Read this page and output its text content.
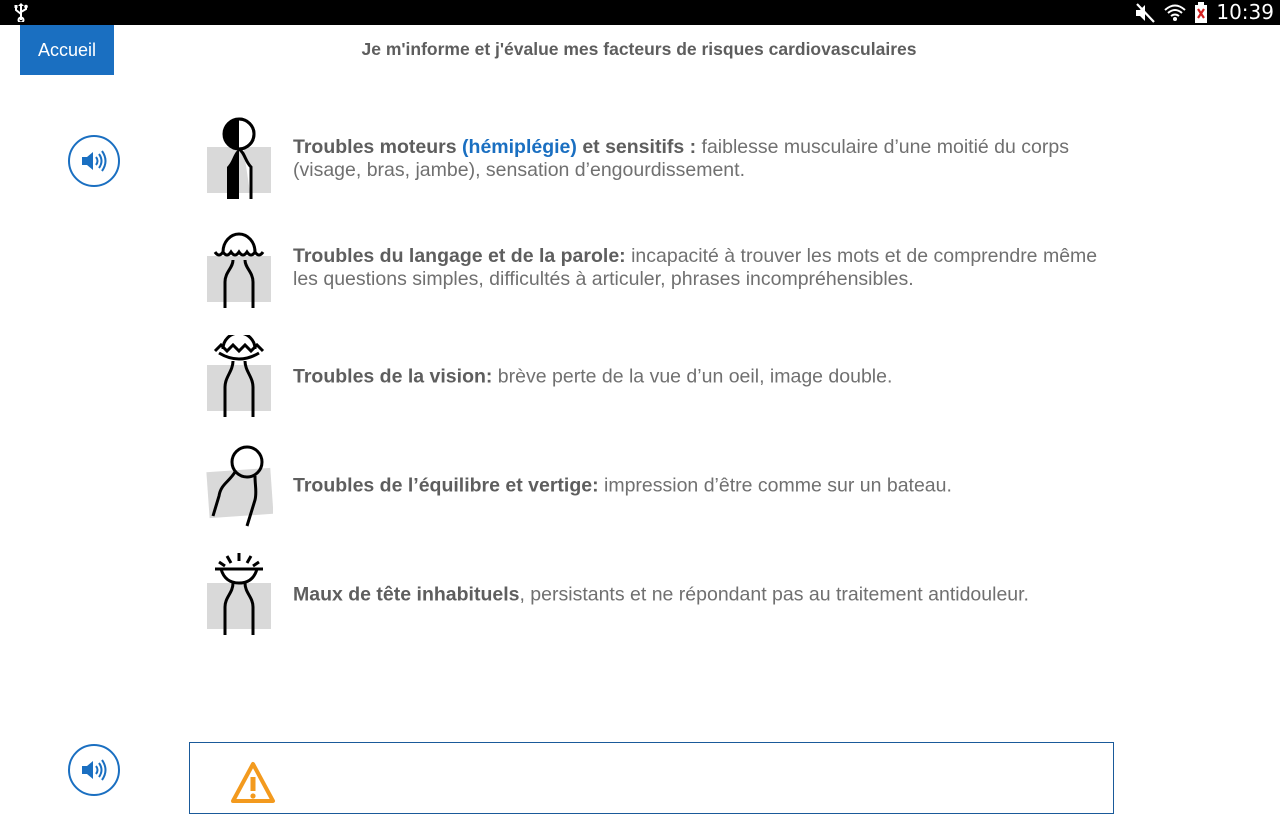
10:39
Accueil	Je m'informe et j'évalue mes facteurs de risques cardiovasculaires
Troubles moteurs (hémiplégie) et sensitifs : faiblesse musculaire d’une moitié du corps (visage, bras, jambe), sensation d’engourdissement.
Troubles du langage et de la parole: incapacité à trouver les mots et de comprendre même les questions simples, difficultés à articuler, phrases incompréhensibles.
Troubles de la vision: brève perte de la vue d’un oeil, image double.
Troubles de l’équilibre et vertige: impression d’être comme sur un bateau.
Maux de tête inhabituels, persistants et ne répondant pas au traitement antidouleur.
